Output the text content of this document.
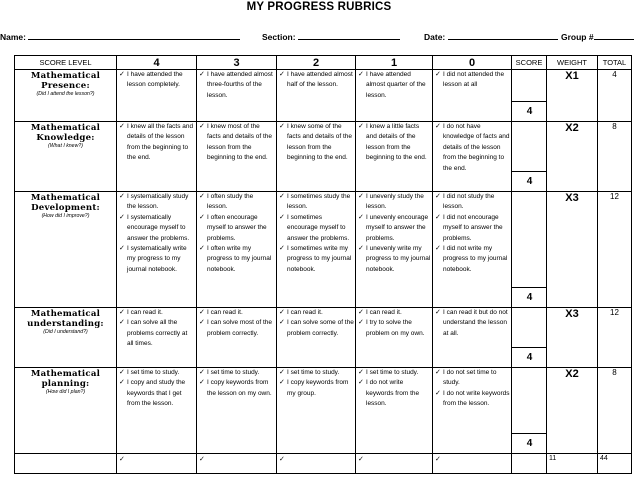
MY PROGRESS RUBRICS
Name:	Section:	Date:	Group #
SCORE LEVEL	4	3	2	1	0	SCORE	WEIGHT	TOTAL

Mathematical Presence:
(Did I attend the lesson?)	✓ I have attended the lesson completely.	✓ I have attended almost three-fourths of the lesson.	✓ I have attended almost half of the lesson.	✓ I have attended almost quarter of the lesson.	✓ I did not attended the lesson at all	4	X1	4

Mathematical Knowledge:
(What I knew?)	✓ I knew all the facts and details of the lesson from the beginning to the end.	✓ I knew most of the facts and details of the lesson from the beginning to the end.	✓ I knew some of the facts and details of the lesson from the beginning to the end.	✓ I knew a little facts and details of the lesson from the beginning to the end.	✓ I do not have knowledge of facts and details of the lesson from the beginning to the end.	4	X2	8

Mathematical Development:
(How did I improve?)	✓ I systematically study the lesson.
✓ I systematically encourage myself to answer the problems.
✓ I systematically write my progress to my journal notebook.	✓ I often study the lesson.
✓ I often encourage myself to answer the problems.
✓ I often write my progress to my journal notebook.	✓ I sometimes study the lesson.
✓ I sometimes encourage myself to answer the problems.
✓ I sometimes write my progress to my journal notebook.	✓ I unevenly study the lesson.
✓ I unevenly encourage myself to answer the problems.
✓ I unevenly write my progress to my journal notebook.	✓ I did not study the lesson.
✓ I did not encourage myself to answer the problems.
✓ I did not write my progress to my journal notebook.	4	X3	12

Mathematical understanding:
(Did I understand?)	✓ I can read it.
✓ I can solve all the problems correctly at all times.	✓ I can read it.
✓ I can solve most of the problem correctly.	✓ I can read it.
✓ I can solve some of the problem correctly.	✓ I can read it.
✓ I try to solve the problem on my own.	✓ I can read it but do not understand the lesson at all.	4	X3	12

Mathematical planning:
(How did I plan?)	✓ I set time to study.
✓ I copy and study the keywords that I get from the lesson.	✓ I set time to study.
✓ I copy keywords from the lesson on my own.	✓ I set time to study.
✓ I copy keywords from my group.	✓ I set time to study.
✓ I do not write keywords from the lesson.	✓ I do not set time to study.
✓ I do not write keywords from the lesson.	4	X2	8
	✓	✓	✓	✓	✓		11	44
